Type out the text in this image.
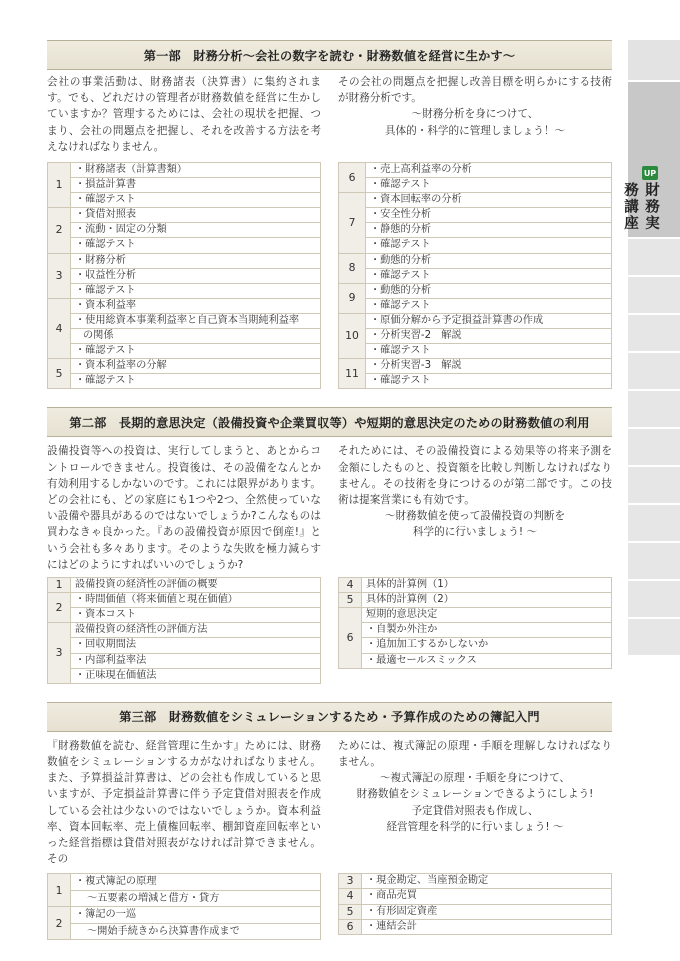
UP
財務実務講座
第一部　財務分析〜会社の数字を読む・財務数値を経営に生かす〜

会社の事業活動は、財務諸表（決算書）に集約されます。でも、どれだけの管理者が財務数値を経営に生かしていますか？管理するためには、会社の現状を把握、つまり、会社の問題点を把握し、それを改善する方法を考えなければなりません。

その会社の問題点を把握し改善目標を明らかにする技術が財務分析です。

〜財務分析を身につけて、

具体的・科学的に管理しましょう！〜

1	・財務諸表（計算書類）
	・損益計算書
	・確認テスト
2	・貸借対照表
	・流動・固定の分類
	・確認テスト
3	・財務分析
	・収益性分析
	・確認テスト
4	・資本利益率
	・使用総資本事業利益率と自己資本当期純利益率
	の関係
	・確認テスト
5	・資本利益率の分解
	・確認テスト
6	・売上高利益率の分析
	・確認テスト
7	・資本回転率の分析
	・安全性分析
	・静態的分析
	・確認テスト
8	・動態的分析
	・確認テスト
9	・動態的分析
	・確認テスト
10	・原価分解から予定損益計算書の作成
	・分析実習-2　解説
	・確認テスト
11	・分析実習-3　解説
	・確認テスト
第二部　長期的意思決定（設備投資や企業買収等）や短期的意思決定のための財務数値の利用

設備投資等への投資は、実行してしまうと、あとからコントロールできません。投資後は、その設備をなんとか有効利用するしかないのです。これには限界があります。どの会社にも、どの家庭にも1つや2つ、全然使っていない設備や器具があるのではないでしょうか?こんなものは買わなきゃ良かった。『あの設備投資が原因で倒産!』という会社も多々あります。そのような失敗を極力減らすにはどのようにすればいいのでしょうか?

それためには、その設備投資による効果等の将来予測を金額にしたものと、投資額を比較し判断しなければなりません。その技術を身につけるのが第二部です。この技術は提案営業にも有効です。

〜財務数値を使って設備投資の判断を

科学的に行いましょう! 〜

1	設備投資の経済性の評価の概要
2	・時間価値（将来価値と現在価値）
	・資本コスト
3	設備投資の経済性の評価方法
	・回収期間法
	・内部利益率法
	・正味現在価値法
4	具体的計算例（1）
5	具体的計算例（2）
6	短期的意思決定
	・自製か外注か
	・追加加工するかしないか
	・最適セールスミックス
第三部　財務数値をシミュレーションするため・予算作成のための簿記入門

『財務数値を読む、経営管理に生かす』ためには、財務数値をシミュレーションするカがなければなりません。また、予算損益計算書は、どの会社も作成していると思いますが、予定損益計算書に伴う予定貸借対照表を作成している会社は少ないのではないでしょうか。資本利益率、資本回転率、売上債権回転率、棚卸資産回転率といった経営指標は貸借対照表がなければ計算できません。その

ためには、複式簿記の原理・手順を理解しなければなりません。

〜複式簿記の原理・手順を身につけて、

財務数値をシミュレーションできるようにしよう!

予定貸借対照表も作成し、

経営管理を科学的に行いましょう! 〜

1	・複式簿記の原理
	〜五要素の増減と借方・貸方
2	・簿記の一巡
	〜開始手続きから決算書作成まで
3	・現金勘定、当座預金勘定
4	・商品売買
5	・有形固定資産
6	・連結会計
